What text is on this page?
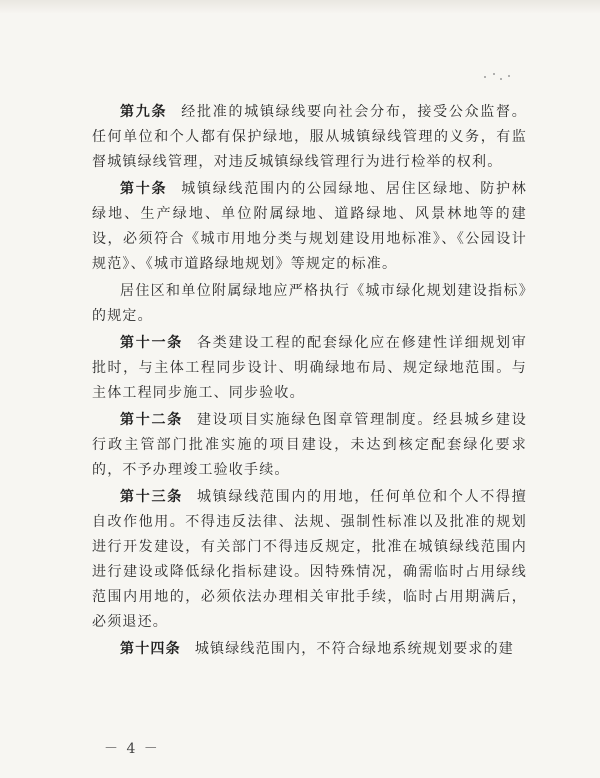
第九条 经批准的城镇绿线要向社会分布，接受公众监督。任何单位和个人都有保护绿地，服从城镇绿线管理的义务，有监督城镇绿线管理，对违反城镇绿线管理行为进行检举的权利。

第十条 城镇绿线范围内的公园绿地、居住区绿地、防护林绿地、生产绿地、单位附属绿地、道路绿地、风景林地等的建设，必须符合《城市用地分类与规划建设用地标准》、《公园设计规范》、《城市道路绿地规划》等规定的标准。

居住区和单位附属绿地应严格执行《城市绿化规划建设指标》的规定。

第十一条 各类建设工程的配套绿化应在修建性详细规划审批时，与主体工程同步设计、明确绿地布局、规定绿地范围。与主体工程同步施工、同步验收。

第十二条 建设项目实施绿色图章管理制度。经县城乡建设行政主管部门批准实施的项目建设，未达到核定配套绿化要求的，不予办理竣工验收手续。

第十三条 城镇绿线范围内的用地，任何单位和个人不得擅自改作他用。不得违反法律、法规、强制性标准以及批准的规划进行开发建设，有关部门不得违反规定，批准在城镇绿线范围内进行建设或降低绿化指标建设。因特殊情况，确需临时占用绿线范围内用地的，必须依法办理相关审批手续，临时占用期满后，必须退还。

第十四条 城镇绿线范围内，不符合绿地系统规划要求的建

－ 4 －
